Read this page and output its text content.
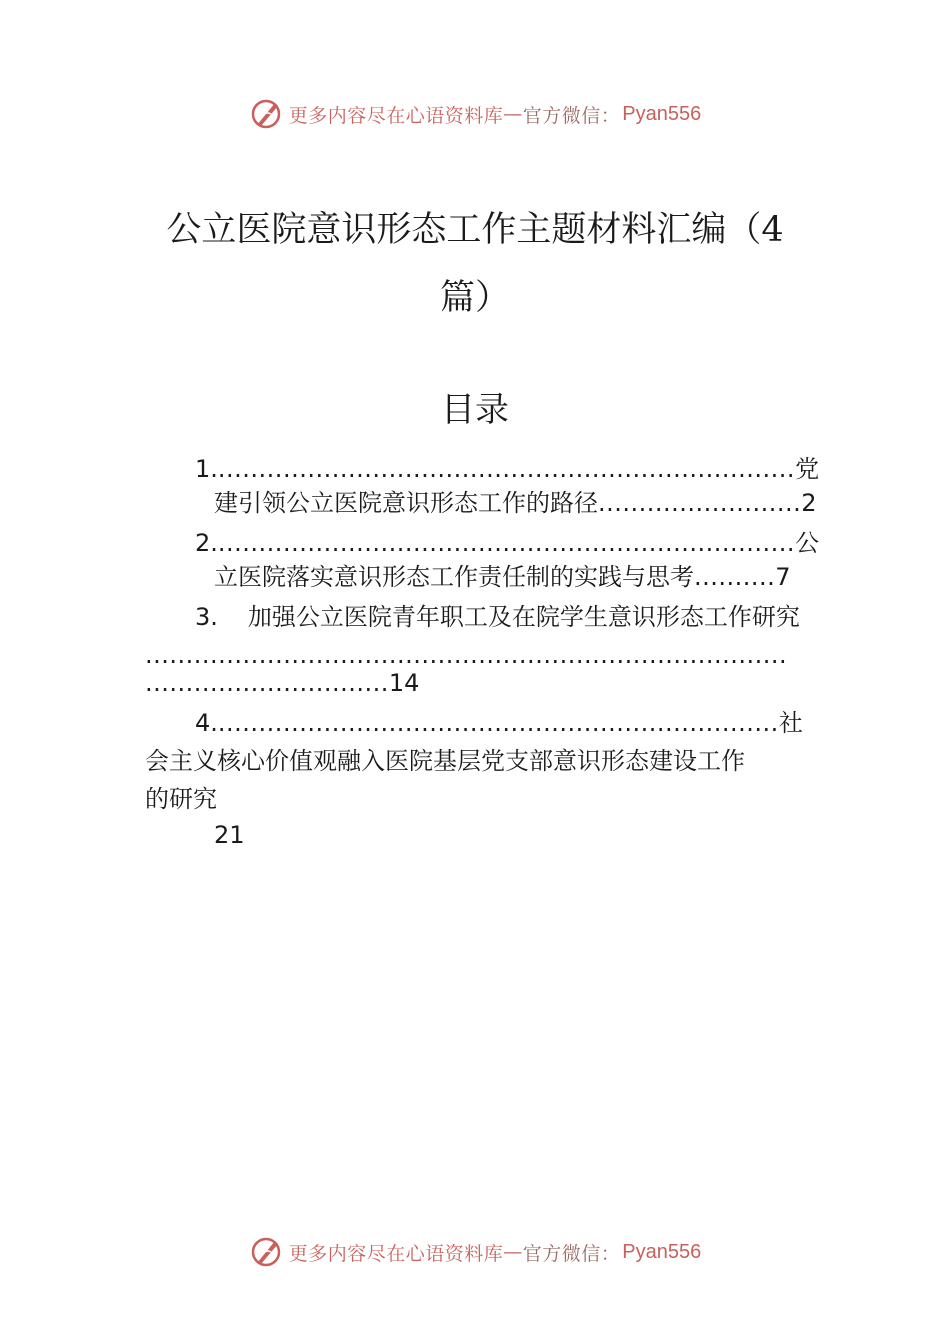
更多内容尽在心语资料库 — 官方微信： Pyan556
公立医院意识形态工作主题材料汇编（4
篇）
目录
1........................................................................党
建引领公立医院意识形态工作的路径.........................2
2........................................................................公
立医院落实意识形态工作责任制的实践与思考..........7
3. 加强公立医院青年职工及在院学生意识形态工作研究
...............................................................................
..............................14
4......................................................................社
会主义核心价值观融入医院基层党支部意识形态建设工作
的研究
21
更多内容尽在心语资料库 — 官方微信： Pyan556
